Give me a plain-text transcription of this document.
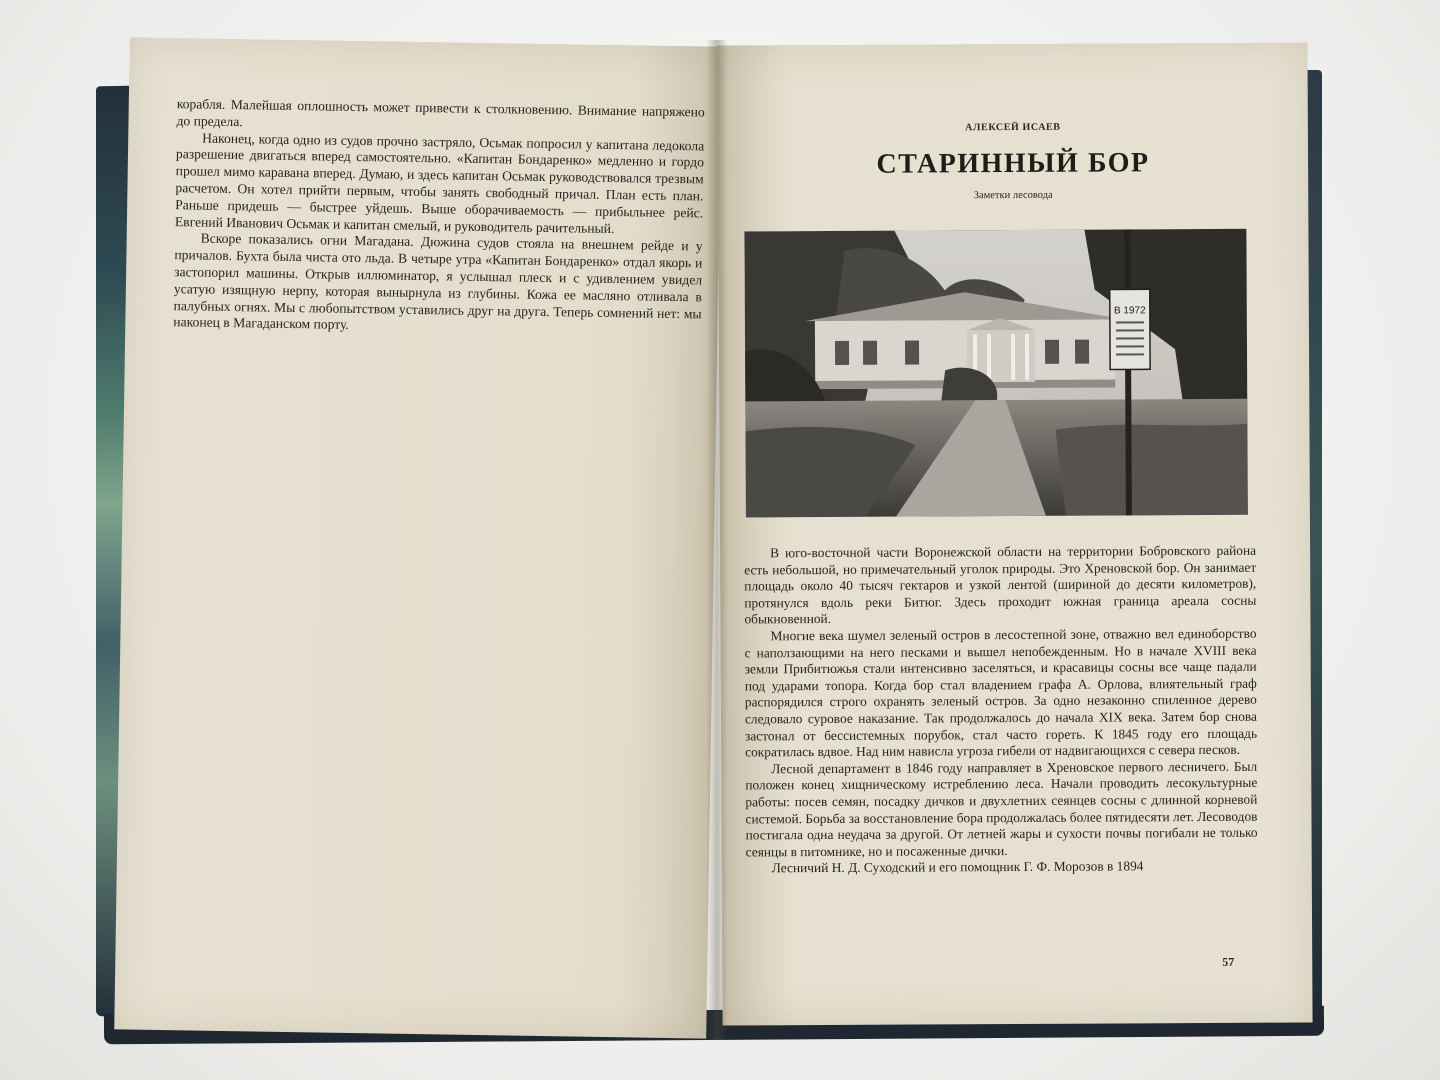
корабля. Малейшая оплошность может привести к столкновению. Внимание напряжено до предела.

Наконец, когда одно из судов прочно застряло, Осьмак попросил у капитана ледокола разрешение двигаться вперед самостоятельно. «Капитан Бондаренко» медленно и гордо прошел мимо каравана вперед. Думаю, и здесь капитан Осьмак руководствовался трезвым расчетом. Он хотел прийти первым, чтобы занять свободный причал. План есть план. Раньше придешь — быстрее уйдешь. Выше оборачиваемость — прибыльнее рейс. Евгений Иванович Осьмак и капитан смелый, и руководитель рачительный.

Вскоре показались огни Магадана. Дюжина судов стояла на внешнем рейде и у причалов. Бухта была чиста ото льда. В четыре утра «Капитан Бондаренко» отдал якорь и застопорил машины. Открыв иллюминатор, я услышал плеск и с удивлением увидел усатую изящную нерпу, которая вынырнула из глубины. Кожа ее масляно отливала в палубных огнях. Мы с любопытством уставились друг на друга. Теперь сомнений нет: мы наконец в Магаданском порту.

АЛЕКСЕЙ ИСАЕВ
СТАРИННЫЙ БОР
Заметки лесовода
В 1972

В юго-восточной части Воронежской области на территории Бобровского района есть небольшой, но примечательный уголок природы. Это Хреновской бор. Он занимает площадь около 40 тысяч гектаров и узкой лентой (шириной до десяти километров), протянулся вдоль реки Битюг. Здесь проходит южная граница ареала сосны обыкновенной.

Многие века шумел зеленый остров в лесостепной зоне, отважно вел единоборство с наползающими на него песками и вышел непобежденным. Но в начале XVIII века земли Прибитюжья стали интенсивно заселяться, и красавицы сосны все чаще падали под ударами топора. Когда бор стал владением графа А. Орлова, влиятельный граф распорядился строго охранять зеленый остров. За одно незаконно спиленное дерево следовало суровое наказание. Так продолжалось до начала XIX века. Затем бор снова застонал от бессистемных порубок, стал часто гореть. К 1845 году его площадь сократилась вдвое. Над ним нависла угроза гибели от надвигающихся с севера песков.

Лесной департамент в 1846 году направляет в Хреновское первого лесничего. Был положен конец хищническому истреблению леса. Начали проводить лесокультурные работы: посев семян, посадку дичков и двухлетних сеянцев сосны с длинной корневой системой. Борьба за восстановление бора продолжалась более пятидесяти лет. Лесоводов постигала одна неудача за другой. От летней жары и сухости почвы погибали не только сеянцы в питомнике, но и посаженные дички.

Лесничий Н. Д. Суходский и его помощник Г. Ф. Морозов в 1894

57
